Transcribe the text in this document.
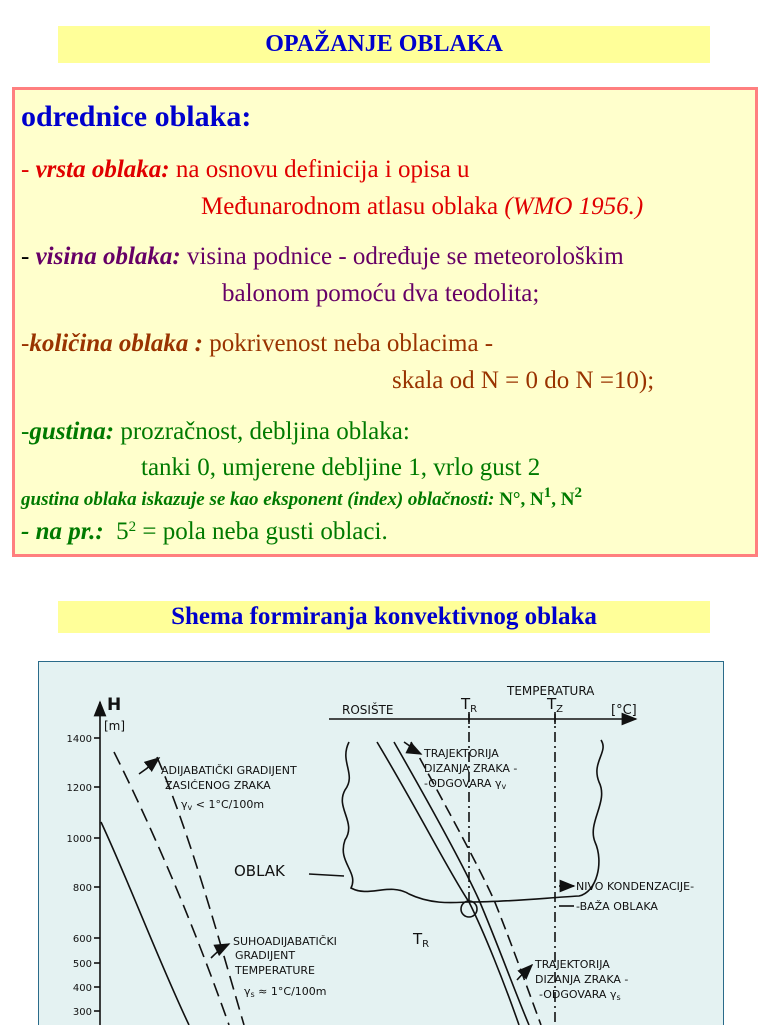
OPAŽANJE OBLAKA
odrednice oblaka:
- vrsta oblaka: na osnovu definicija i opisa u
Međunarodnom atlasu oblaka (WMO 1956.)
- visina oblaka: visina podnice - određuje se meteorološkim
balonom pomoću dva teodolita;
-količina oblaka : pokrivenost neba oblacima -
skala od N = 0 do N =10);
-gustina: prozračnost, debljina oblaka:
tanki 0, umjerene debljine 1, vrlo gust 2
gustina oblaka iskazuje se kao eksponent (index) oblačnosti: N°, $N^1$, $N^2$
- na pr.: $5^2$ = pola neba gusti oblaci.
Shema formiranja konvektivnog oblaka
H
[m]
TEMPERATURA
[°C]
ROSIŠTE	$T_R$	$T_Z$
1400
1200
1000
800
600
500
400
300
ADIJABATIČKI GRADIJENT
ZASIĆENOG ZRAKA
γv < 1°C/100m
TRAJEKTORIJA
DIZANJA ZRAKA -
-ODGOVARA γv
OBLAK
NIVO KONDENZACIJE-
-BAŽA OBLAKA
$T_R$
SUHOADIJABATIČKI
GRADIJENT
TEMPERATURE
γs ≈ 1°C/100m
TRAJEKTORIJA
DIZANJA ZRAKA -
-ODGOVARA γs
